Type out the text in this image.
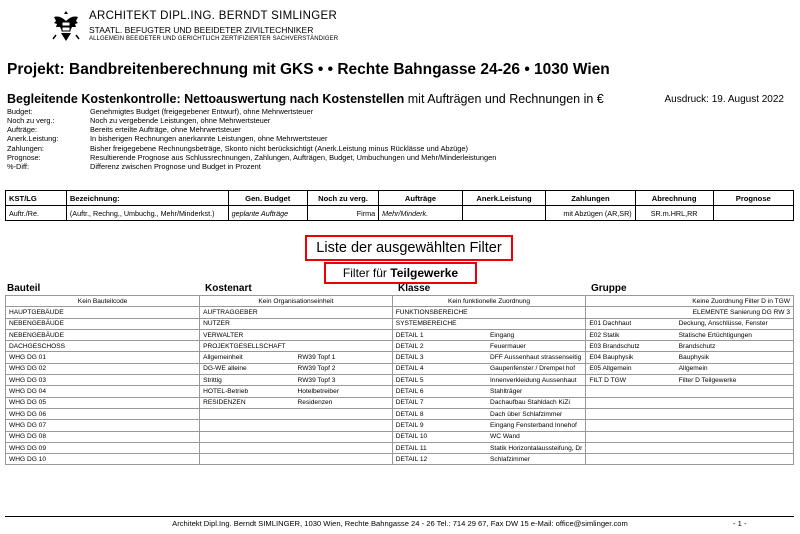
ARCHITEKT DIPL.ING. BERNDT SIMLINGER
STAATL. BEFUGTER UND BEEIDETER ZIVILTECHNIKER
ALLGEMEIN BEEIDETER UND GERICHTLICH ZERTIFIZIERTER SACHVERSTÄNDIGER
Projekt: Bandbreitenberechnung mit GKS • • Rechte Bahngasse 24-26 • 1030 Wien
Begleitende Kostenkontrolle: Nettoauswertung nach Kostenstellen mit Aufträgen und Rechnungen in €	Ausdruck: 19. August 2022
Budget:	Genehmigtes Budget (freigegebener Entwurf), ohne Mehrwertsteuer
Noch zu verg.:	Noch zu vergebende Leistungen, ohne Mehrwertsteuer
Aufträge:	Bereits erteilte Aufträge, ohne Mehrwertsteuer
Anerk.Leistung:	In bisherigen Rechnungen anerkannte Leistungen, ohne Mehrwertsteuer
Zahlungen:	Bisher freigegebene Rechnungsbeträge, Skonto nicht berücksichtigt (Anerk.Leistung minus Rücklässe und Abzüge)
Prognose:	Resultierende Prognose aus Schlussrechnungen, Zahlungen, Aufträgen, Budget, Umbuchungen und Mehr/Minderleistungen
%-Diff:	Differenz zwischen Prognose und Budget in Prozent
KST/LG	Bezeichnung:	Gen. Budget	Noch zu verg.	Aufträge	Anerk.Leistung	Zahlungen	Abrechnung	Prognose
Auftr./Re.	(Auftr., Rechng., Umbuchg., Mehr/Minderkst.)	geplante Aufträge	Firma	Mehr/Minderk.		mit Abzügen (AR,SR)	SR.m.HRL,RR	
Liste der ausgewählten Filter
Filter für Teilgewerke
Bauteil	Kostenart	Klasse	Gruppe
Kein Bauteilcode	Kein Organisationseinheit		Kein funktionelle Zuordnung		Keine Zuordnung Filter D in TGW	
HAUPTGEBÄUDE	AUFTRAGGEBER		FUNKTIONSBEREICHE		ELEMENTE Sanierung DG RW 3	
NEBENGEBÄUDE	NUTZER		SYSTEMBEREICHE		E01 Dachhaut	Deckung, Anschlüsse, Fenster
NEBENGEBÄUDE	VERWALTER		DETAIL 1	Eingang	E02 Statik	Statische Ertüchtigungen
DACHGESCHOSS	PROJEKTGESELLSCHAFT		DETAIL 2	Feuermauer	E03 Brandschutz	Brandschutz
WHG DG 01	Allgemeinheit	RW39 Topf 1	DETAIL 3	DFF Aussenhaut strassenseitig	E04 Bauphysik	Bauphysik
WHG DG 02	DG-WE alleine	RW39 Topf 2	DETAIL 4	Gaupenfenster / Drempel hof	E05 Allgemein	Allgemein
WHG DG 03	Strittig	RW39 Topf 3	DETAIL 5	Innenverkleidung Aussenhaut	FILT D TGW	Filter D Teilgewerke
WHG DG 04	HOTEL-Betrieb	Hotelbetreiber	DETAIL 6	Stahlträger		
WHG DG 05	RESIDENZEN	Residenzen	DETAIL 7	Dachaufbau Stahldach KiZi		
WHG DG 06			DETAIL 8	Dach über Schlafzimmer		
WHG DG 07			DETAIL 9	Eingang Fensterband Innehof		
WHG DG 08			DETAIL 10	WC Wand		
WHG DG 09			DETAIL 11	Statik Horizontalaussteifung, Dr		
WHG DG 10			DETAIL 12	Schlafzimmer		
Architekt Dipl.Ing. Berndt SIMLINGER, 1030 Wien, Rechte Bahngasse 24 - 26 Tel.: 714 29 67, Fax DW 15 e-Mail: office@simlinger.com	- 1 -
